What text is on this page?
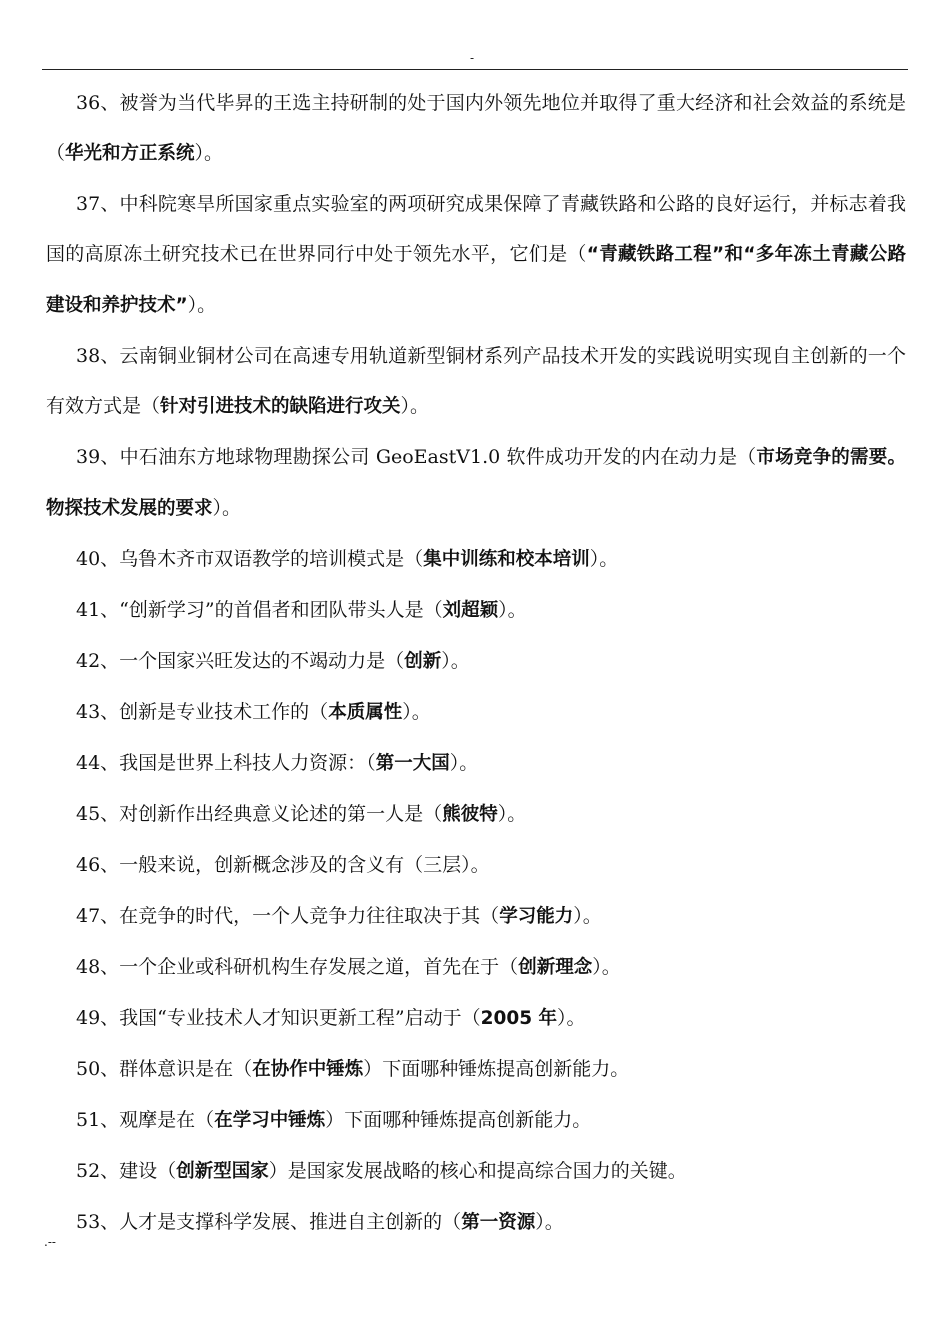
-

36、被誉为当代毕昇的王选主持研制的处于国内外领先地位并取得了重大经济和社会效益的系统是（华光和方正系统）。

37、中科院寒旱所国家重点实验室的两项研究成果保障了青藏铁路和公路的良好运行，并标志着我国的高原冻土研究技术已在世界同行中处于领先水平，它们是（“青藏铁路工程”和“多年冻土青藏公路建设和养护技术”）。

38、云南铜业铜材公司在高速专用轨道新型铜材系列产品技术开发的实践说明实现自主创新的一个有效方式是（针对引进技术的缺陷进行攻关）。

39、中石油东方地球物理勘探公司 GeoEastV1.0 软件成功开发的内在动力是（市场竞争的需要。物探技术发展的要求）。

40、乌鲁木齐市双语教学的培训模式是（集中训练和校本培训）。

41、“创新学习”的首倡者和团队带头人是（刘超颖）。

42、一个国家兴旺发达的不竭动力是（创新）。

43、创新是专业技术工作的（本质属性）。

44、我国是世界上科技人力资源：（第一大国）。

45、对创新作出经典意义论述的第一人是（熊彼特）。

46、一般来说，创新概念涉及的含义有（三层）。

47、在竞争的时代，一个人竞争力往往取决于其（学习能力）。

48、一个企业或科研机构生存发展之道，首先在于（创新理念）。

49、我国“专业技术人才知识更新工程”启动于（2005 年）。

50、群体意识是在（在协作中锤炼）下面哪种锤炼提高创新能力。

51、观摩是在（在学习中锤炼）下面哪种锤炼提高创新能力。

52、建设（创新型国家）是国家发展战略的核心和提高综合国力的关键。

53、人才是支撑科学发展、推进自主创新的（第一资源）。

.--
